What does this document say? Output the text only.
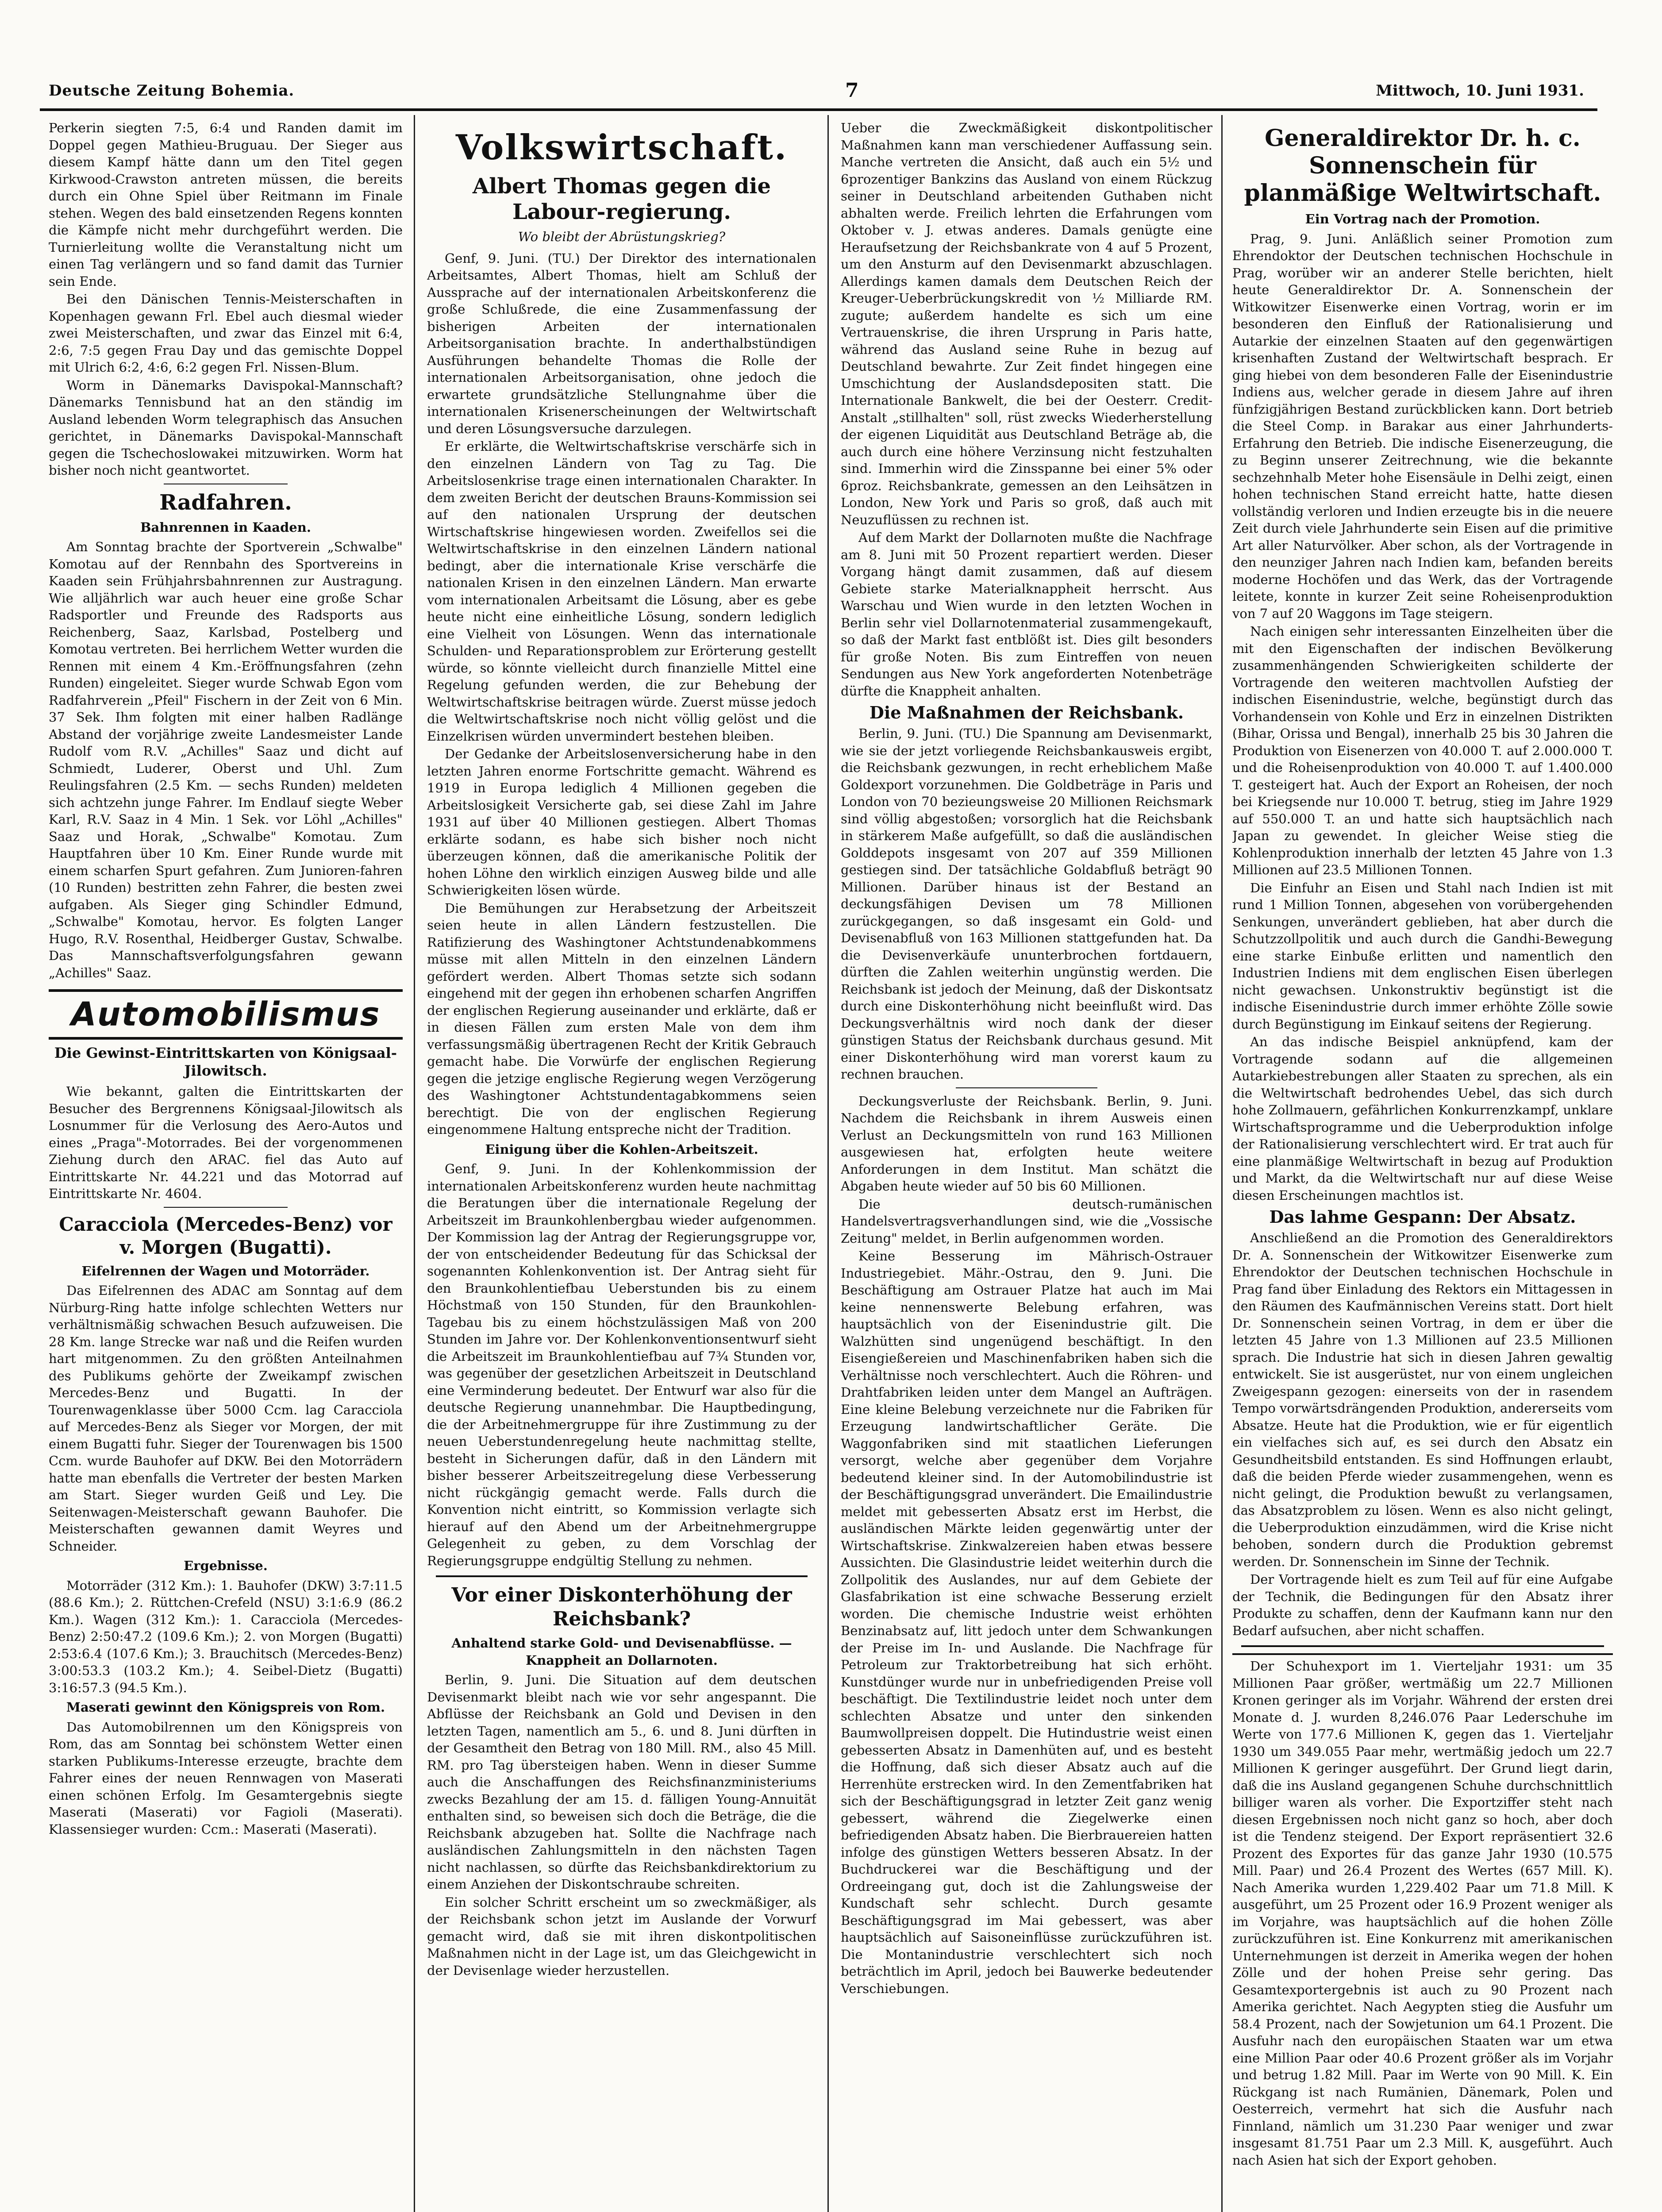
Deutsche Zeitung Bohemia.	7	Mittwoch, 10. Juni 1931.

Perkerin siegten 7:5, 6:4 und Randen damit im Doppel gegen Mathieu-Bruguau. Der Sieger aus diesem Kampf hätte dann um den Titel gegen Kirkwood-Crawston antreten müssen, die bereits durch ein Ohne Spiel über Reitmann im Finale stehen. Wegen des bald einsetzenden Regens konnten die Kämpfe nicht mehr durchgeführt werden. Die Turnierleitung wollte die Veranstaltung nicht um einen Tag verlängern und so fand damit das Turnier sein Ende.

Bei den Dänischen Tennis-Meisterschaften in Kopenhagen gewann Frl. Ebel auch diesmal wieder zwei Meisterschaften, und zwar das Einzel mit 6:4, 2:6, 7:5 gegen Frau Day und das gemischte Doppel mit Ulrich 6:2, 4:6, 6:2 gegen Frl. Nissen-Blum.

Worm in Dänemarks Davispokal-Mannschaft? Dänemarks Tennisbund hat an den ständig im Ausland lebenden Worm telegraphisch das Ansuchen gerichtet, in Dänemarks Davispokal-Mannschaft gegen die Tschechoslowakei mitzuwirken. Worm hat bisher noch nicht geantwortet.

Radfahren.
Bahnrennen in Kaaden.

Am Sonntag brachte der Sportverein „Schwalbe" Komotau auf der Rennbahn des Sportvereins in Kaaden sein Frühjahrsbahnrennen zur Austragung. Wie alljährlich war auch heuer eine große Schar Radsportler und Freunde des Radsports aus Reichenberg, Saaz, Karlsbad, Postelberg und Komotau vertreten. Bei herrlichem Wetter wurden die Rennen mit einem 4 Km.-Eröffnungsfahren (zehn Runden) eingeleitet. Sieger wurde Schwab Egon vom Radfahrverein „Pfeil" Fischern in der Zeit von 6 Min. 37 Sek. Ihm folgten mit einer halben Radlänge Abstand der vorjährige zweite Landesmeister Lande Rudolf vom R.V. „Achilles" Saaz und dicht auf Schmiedt, Luderer, Oberst und Uhl. Zum Reulingsfahren (2.5 Km. — sechs Runden) meldeten sich achtzehn junge Fahrer. Im Endlauf siegte Weber Karl, R.V. Saaz in 4 Min. 1 Sek. vor Löhl „Achilles" Saaz und Horak, „Schwalbe" Komotau. Zum Hauptfahren über 10 Km. Einer Runde wurde mit einem scharfen Spurt gefahren. Zum Junioren-fahren (10 Runden) bestritten zehn Fahrer, die besten zwei aufgaben. Als Sieger ging Schindler Edmund, „Schwalbe" Komotau, hervor. Es folgten Langer Hugo, R.V. Rosenthal, Heidberger Gustav, Schwalbe. Das Mannschaftsverfolgungsfahren gewann „Achilles" Saaz.

Automobilismus
Die Gewinst-Eintrittskarten von Königsaal-Jilowitsch.

Wie bekannt, galten die Eintrittskarten der Besucher des Bergrennens Königsaal-Jilowitsch als Losnummer für die Verlosung des Aero-Autos und eines „Praga"-Motorrades. Bei der vorgenommenen Ziehung durch den ARAC. fiel das Auto auf Eintrittskarte Nr. 44.221 und das Motorrad auf Eintrittskarte Nr. 4604.

Caracciola (Mercedes-Benz) vor v. Morgen (Bugatti).
Eifelrennen der Wagen und Motorräder.

Das Eifelrennen des ADAC am Sonntag auf dem Nürburg-Ring hatte infolge schlechten Wetters nur verhältnismäßig schwachen Besuch aufzuweisen. Die 28 Km. lange Strecke war naß und die Reifen wurden hart mitgenommen. Zu den größten Anteilnahmen des Publikums gehörte der Zweikampf zwischen Mercedes-Benz und Bugatti. In der Tourenwagenklasse über 5000 Ccm. lag Caracciola auf Mercedes-Benz als Sieger vor Morgen, der mit einem Bugatti fuhr. Sieger der Tourenwagen bis 1500 Ccm. wurde Bauhofer auf DKW. Bei den Motorrädern hatte man ebenfalls die Vertreter der besten Marken am Start. Sieger wurden Geiß und Ley. Die Seitenwagen-Meisterschaft gewann Bauhofer. Die Meisterschaften gewannen damit Weyres und Schneider.

Ergebnisse.

Motorräder (312 Km.): 1. Bauhofer (DKW) 3:7:11.5 (88.6 Km.); 2. Rüttchen-Crefeld (NSU) 3:1:6.9 (86.2 Km.). Wagen (312 Km.): 1. Caracciola (Mercedes-Benz) 2:50:47.2 (109.6 Km.); 2. von Morgen (Bugatti) 2:53:6.4 (107.6 Km.); 3. Brauchitsch (Mercedes-Benz) 3:00:53.3 (103.2 Km.); 4. Seibel-Dietz (Bugatti) 3:16:57.3 (94.5 Km.).

Maserati gewinnt den Königspreis von Rom.

Das Automobilrennen um den Königspreis von Rom, das am Sonntag bei schönstem Wetter einen starken Publikums-Interesse erzeugte, brachte dem Fahrer eines der neuen Rennwagen von Maserati einen schönen Erfolg. Im Gesamtergebnis siegte Maserati (Maserati) vor Fagioli (Maserati). Klassensieger wurden: Ccm.: Maserati (Maserati).

Volkswirtschaft.
Albert Thomas gegen die Labour-regierung.
Wo bleibt der Abrüstungskrieg?

Genf, 9. Juni. (TU.) Der Direktor des internationalen Arbeitsamtes, Albert Thomas, hielt am Schluß der Aussprache auf der internationalen Arbeitskonferenz die große Schlußrede, die eine Zusammenfassung der bisherigen Arbeiten der internationalen Arbeitsorganisation brachte. In anderthalbstündigen Ausführungen behandelte Thomas die Rolle der internationalen Arbeitsorganisation, ohne jedoch die erwartete grundsätzliche Stellungnahme über die internationalen Krisenerscheinungen der Weltwirtschaft und deren Lösungsversuche darzulegen.

Er erklärte, die Weltwirtschaftskrise verschärfe sich in den einzelnen Ländern von Tag zu Tag. Die Arbeitslosenkrise trage einen internationalen Charakter. In dem zweiten Bericht der deutschen Brauns-Kommission sei auf den nationalen Ursprung der deutschen Wirtschaftskrise hingewiesen worden. Zweifellos sei die Weltwirtschaftskrise in den einzelnen Ländern national bedingt, aber die internationale Krise verschärfe die nationalen Krisen in den einzelnen Ländern. Man erwarte vom internationalen Arbeitsamt die Lösung, aber es gebe heute nicht eine einheitliche Lösung, sondern lediglich eine Vielheit von Lösungen. Wenn das internationale Schulden- und Reparationsproblem zur Erörterung gestellt würde, so könnte vielleicht durch finanzielle Mittel eine Regelung gefunden werden, die zur Behebung der Weltwirtschaftskrise beitragen würde. Zuerst müsse jedoch die Weltwirtschaftskrise noch nicht völlig gelöst und die Einzelkrisen würden unvermindert bestehen bleiben.

Der Gedanke der Arbeitslosenversicherung habe in den letzten Jahren enorme Fortschritte gemacht. Während es 1919 in Europa lediglich 4 Millionen gegeben die Arbeitslosigkeit Versicherte gab, sei diese Zahl im Jahre 1931 auf über 40 Millionen gestiegen. Albert Thomas erklärte sodann, es habe sich bisher noch nicht überzeugen können, daß die amerikanische Politik der hohen Löhne den wirklich einzigen Ausweg bilde und alle Schwierigkeiten lösen würde.

Die Bemühungen zur Herabsetzung der Arbeitszeit seien heute in allen Ländern festzustellen. Die Ratifizierung des Washingtoner Achtstundenabkommens müsse mit allen Mitteln in den einzelnen Ländern gefördert werden. Albert Thomas setzte sich sodann eingehend mit der gegen ihn erhobenen scharfen Angriffen der englischen Regierung auseinander und erklärte, daß er in diesen Fällen zum ersten Male von dem ihm verfassungsmäßig übertragenen Recht der Kritik Gebrauch gemacht habe. Die Vorwürfe der englischen Regierung gegen die jetzige englische Regierung wegen Verzögerung des Washingtoner Achtstundentagabkommens seien berechtigt. Die von der englischen Regierung eingenommene Haltung entspreche nicht der Tradition.

Einigung über die Kohlen-Arbeitszeit.

Genf, 9. Juni. In der Kohlenkommission der internationalen Arbeitskonferenz wurden heute nachmittag die Beratungen über die internationale Regelung der Arbeitszeit im Braunkohlenbergbau wieder aufgenommen. Der Kommission lag der Antrag der Regierungsgruppe vor, der von entscheidender Bedeutung für das Schicksal der sogenannten Kohlenkonvention ist. Der Antrag sieht für den Braunkohlentiefbau Ueberstunden bis zu einem Höchstmaß von 150 Stunden, für den Braunkohlen-Tagebau bis zu einem höchstzulässigen Maß von 200 Stunden im Jahre vor. Der Kohlenkonventionsentwurf sieht die Arbeitszeit im Braunkohlentiefbau auf 7¾ Stunden vor, was gegenüber der gesetzlichen Arbeitszeit in Deutschland eine Verminderung bedeutet. Der Entwurf war also für die deutsche Regierung unannehmbar. Die Hauptbedingung, die der Arbeitnehmergruppe für ihre Zustimmung zu der neuen Ueberstundenregelung heute nachmittag stellte, besteht in Sicherungen dafür, daß in den Ländern mit bisher besserer Arbeitszeitregelung diese Verbesserung nicht rückgängig gemacht werde. Falls durch die Konvention nicht eintritt, so Kommission verlagte sich hierauf auf den Abend um der Arbeitnehmergruppe Gelegenheit zu geben, zu dem Vorschlag der Regierungsgruppe endgültig Stellung zu nehmen.

Vor einer Diskonterhöhung der Reichsbank?
Anhaltend starke Gold- und Devisenabflüsse. — Knappheit an Dollarnoten.

Berlin, 9. Juni. Die Situation auf dem deutschen Devisenmarkt bleibt nach wie vor sehr angespannt. Die Abflüsse der Reichsbank an Gold und Devisen in den letzten Tagen, namentlich am 5., 6. und 8. Juni dürften in der Gesamtheit den Betrag von 180 Mill. RM., also 45 Mill. RM. pro Tag übersteigen haben. Wenn in dieser Summe auch die Anschaffungen des Reichsfinanzministeriums zwecks Bezahlung der am 15. d. fälligen Young-Annuität enthalten sind, so beweisen sich doch die Beträge, die die Reichsbank abzugeben hat. Sollte die Nachfrage nach ausländischen Zahlungsmitteln in den nächsten Tagen nicht nachlassen, so dürfte das Reichsbankdirektorium zu einem Anziehen der Diskontschraube schreiten.

Ein solcher Schritt erscheint um so zweckmäßiger, als der Reichsbank schon jetzt im Auslande der Vorwurf gemacht wird, daß sie mit ihren diskontpolitischen Maßnahmen nicht in der Lage ist, um das Gleichgewicht in der Devisenlage wieder herzustellen.

Ueber die Zweckmäßigkeit diskontpolitischer Maßnahmen kann man verschiedener Auffassung sein. Manche vertreten die Ansicht, daß auch ein 5½ und 6prozentiger Bankzins das Ausland von einem Rückzug seiner in Deutschland arbeitenden Guthaben nicht abhalten werde. Freilich lehrten die Erfahrungen vom Oktober v. J. etwas anderes. Damals genügte eine Heraufsetzung der Reichsbankrate von 4 auf 5 Prozent, um den Ansturm auf den Devisenmarkt abzuschlagen. Allerdings kamen damals dem Deutschen Reich der Kreuger-Ueberbrückungskredit von ½ Milliarde RM. zugute; außerdem handelte es sich um eine Vertrauenskrise, die ihren Ursprung in Paris hatte, während das Ausland seine Ruhe in bezug auf Deutschland bewahrte. Zur Zeit findet hingegen eine Umschichtung der Auslandsdepositen statt. Die Internationale Bankwelt, die bei der Oesterr. Credit-Anstalt „stillhalten" soll, rüst zwecks Wiederherstellung der eigenen Liquidität aus Deutschland Beträge ab, die auch durch eine höhere Verzinsung nicht festzuhalten sind. Immerhin wird die Zinsspanne bei einer 5% oder 6proz. Reichsbankrate, gemessen an den Leihsätzen in London, New York und Paris so groß, daß auch mit Neuzuflüssen zu rechnen ist.

Auf dem Markt der Dollarnoten mußte die Nachfrage am 8. Juni mit 50 Prozent repartiert werden. Dieser Vorgang hängt damit zusammen, daß auf diesem Gebiete starke Materialknappheit herrscht. Aus Warschau und Wien wurde in den letzten Wochen in Berlin sehr viel Dollarnotenmaterial zusammengekauft, so daß der Markt fast entblößt ist. Dies gilt besonders für große Noten. Bis zum Eintreffen von neuen Sendungen aus New York angeforderten Notenbeträge dürfte die Knappheit anhalten.

Die Maßnahmen der Reichsbank.

Berlin, 9. Juni. (TU.) Die Spannung am Devisenmarkt, wie sie der jetzt vorliegende Reichsbankausweis ergibt, die Reichsbank gezwungen, in recht erheblichem Maße Goldexport vorzunehmen. Die Goldbeträge in Paris und London von 70 bezieungsweise 20 Millionen Reichsmark sind völlig abgestoßen; vorsorglich hat die Reichsbank in stärkerem Maße aufgefüllt, so daß die ausländischen Golddepots insgesamt von 207 auf 359 Millionen gestiegen sind. Der tatsächliche Goldabfluß beträgt 90 Millionen. Darüber hinaus ist der Bestand an deckungsfähigen Devisen um 78 Millionen zurückgegangen, so daß insgesamt ein Gold- und Devisenabfluß von 163 Millionen stattgefunden hat. Da die Devisenverkäufe ununterbrochen fortdauern, dürften die Zahlen weiterhin ungünstig werden. Die Reichsbank ist jedoch der Meinung, daß der Diskontsatz durch eine Diskonterhöhung nicht beeinflußt wird. Das Deckungsverhältnis wird noch dank der dieser günstigen Status der Reichsbank durchaus gesund. Mit einer Diskonterhöhung wird man vorerst kaum zu rechnen brauchen.

Deckungsverluste der Reichsbank. Berlin, 9. Juni. Nachdem die Reichsbank in ihrem Ausweis einen Verlust an Deckungsmitteln von rund 163 Millionen ausgewiesen hat, erfolgten heute weitere Anforderungen in dem Institut. Man schätzt die Abgaben heute wieder auf 50 bis 60 Millionen.

Die deutsch-rumänischen Handelsvertragsverhandlungen sind, wie die „Vossische Zeitung" meldet, in Berlin aufgenommen worden.

Keine Besserung im Mährisch-Ostrauer Industriegebiet. Mähr.-Ostrau, den 9. Juni. Die Beschäftigung am Ostrauer Platze hat auch im Mai keine nennenswerte Belebung erfahren, was hauptsächlich von der Eisenindustrie gilt. Die Walzhütten sind ungenügend beschäftigt. In den Eisengießereien und Maschinenfabriken haben sich die Verhältnisse noch verschlechtert. Auch die Röhren- und Drahtfabriken leiden unter dem Mangel an Aufträgen. Eine kleine Belebung verzeichnete nur die Fabriken für Erzeugung landwirtschaftlicher Geräte. Die Waggonfabriken sind mit staatlichen Lieferungen versorgt, welche aber gegenüber dem Vorjahre bedeutend kleiner sind. In der Automobilindustrie ist der Beschäftigungsgrad unverändert. Die Emailindustrie meldet mit gebesserten Absatz erst im Herbst, die ausländischen Märkte leiden gegenwärtig unter der Wirtschaftskrise. Zinkwalzereien haben etwas bessere Aussichten. Die Glasindustrie leidet weiterhin durch die Zollpolitik des Auslandes, nur auf dem Gebiete der Glasfabrikation ist eine schwache Besserung erzielt worden. Die chemische Industrie weist erhöhten Benzinabsatz auf, litt jedoch unter dem Schwankungen der Preise im In- und Auslande. Die Nachfrage für Petroleum zur Traktorbetreibung hat sich erhöht. Kunstdünger wurde nur in unbefriedigenden Preise voll beschäftigt. Die Textilindustrie leidet noch unter dem schlechten Absatze und unter den sinkenden Baumwollpreisen doppelt. Die Hutindustrie weist einen gebesserten Absatz in Damenhüten auf, und es besteht die Hoffnung, daß sich dieser Absatz auch auf die Herrenhüte erstrecken wird. In den Zementfabriken hat sich der Beschäftigungsgrad in letzter Zeit ganz wenig gebessert, während die Ziegelwerke einen befriedigenden Absatz haben. Die Bierbrauereien hatten infolge des günstigen Wetters besseren Absatz. In der Buchdruckerei war die Beschäftigung und der Ordreeingang gut, doch ist die Zahlungsweise der Kundschaft sehr schlecht. Durch gesamte Beschäftigungsgrad im Mai gebessert, was aber hauptsächlich auf Saisoneinflüsse zurückzuführen ist. Die Montanindustrie verschlechtert sich noch beträchtlich im April, jedoch bei Bauwerke bedeutender Verschiebungen.

Generaldirektor Dr. h. c. Sonnenschein für planmäßige Weltwirtschaft.
Ein Vortrag nach der Promotion.

Prag, 9. Juni. Anläßlich seiner Promotion zum Ehrendoktor der Deutschen technischen Hochschule in Prag, worüber wir an anderer Stelle berichten, hielt heute Generaldirektor Dr. A. Sonnenschein der Witkowitzer Eisenwerke einen Vortrag, worin er im besonderen den Einfluß der Rationalisierung und Autarkie der einzelnen Staaten auf den gegenwärtigen krisenhaften Zustand der Weltwirtschaft besprach. Er ging hiebei von dem besonderen Falle der Eisenindustrie Indiens aus, welcher gerade in diesem Jahre auf ihren fünfzigjährigen Bestand zurückblicken kann. Dort betrieb die Steel Comp. in Barakar aus einer Jahrhunderts-Erfahrung den Betrieb. Die indische Eisenerzeugung, die zu Beginn unserer Zeitrechnung, wie die bekannte sechzehnhalb Meter hohe Eisensäule in Delhi zeigt, einen hohen technischen Stand erreicht hatte, hatte diesen vollständig verloren und Indien erzeugte bis in die neuere Zeit durch viele Jahrhunderte sein Eisen auf die primitive Art aller Naturvölker. Aber schon, als der Vortragende in den neunziger Jahren nach Indien kam, befanden bereits moderne Hochöfen und das Werk, das der Vortragende leitete, konnte in kurzer Zeit seine Roheisenproduktion von 7 auf 20 Waggons im Tage steigern.

Nach einigen sehr interessanten Einzelheiten über die mit den Eigenschaften der indischen Bevölkerung zusammenhängenden Schwierigkeiten schilderte der Vortragende den weiteren machtvollen Aufstieg der indischen Eisenindustrie, welche, begünstigt durch das Vorhandensein von Kohle und Erz in einzelnen Distrikten (Bihar, Orissa und Bengal), innerhalb 25 bis 30 Jahren die Produktion von Eisenerzen von 40.000 T. auf 2.000.000 T. und die Roheisenproduktion von 40.000 T. auf 1.400.000 T. gesteigert hat. Auch der Export an Roheisen, der noch bei Kriegsende nur 10.000 T. betrug, stieg im Jahre 1929 auf 550.000 T. an und hatte sich hauptsächlich nach Japan zu gewendet. In gleicher Weise stieg die Kohlenproduktion innerhalb der letzten 45 Jahre von 1.3 Millionen auf 23.5 Millionen Tonnen.

Die Einfuhr an Eisen und Stahl nach Indien ist mit rund 1 Million Tonnen, abgesehen von vorübergehenden Senkungen, unverändert geblieben, hat aber durch die Schutzzollpolitik und auch durch die Gandhi-Bewegung eine starke Einbuße erlitten und namentlich den Industrien Indiens mit dem englischen Eisen überlegen nicht gewachsen. Unkonstruktiv begünstigt ist die indische Eisenindustrie durch immer erhöhte Zölle sowie durch Begünstigung im Einkauf seitens der Regierung.

An das indische Beispiel anknüpfend, kam der Vortragende sodann auf die allgemeinen Autarkiebestrebungen aller Staaten zu sprechen, als ein die Weltwirtschaft bedrohendes Uebel, das sich durch hohe Zollmauern, gefährlichen Konkurrenzkampf, unklare Wirtschaftsprogramme und die Ueberproduktion infolge der Rationalisierung verschlechtert wird. Er trat auch für eine planmäßige Weltwirtschaft in bezug auf Produktion und Markt, da die Weltwirtschaft nur auf diese Weise diesen Erscheinungen machtlos ist.

Das lahme Gespann: Der Absatz.

Anschließend an die Promotion des Generaldirektors Dr. A. Sonnenschein der Witkowitzer Eisenwerke zum Ehrendoktor der Deutschen technischen Hochschule in Prag fand über Einladung des Rektors ein Mittagessen in den Räumen des Kaufmännischen Vereins statt. Dort hielt Dr. Sonnenschein seinen Vortrag, in dem er über die letzten 45 Jahre von 1.3 Millionen auf 23.5 Millionen sprach. Die Industrie hat sich in diesen Jahren gewaltig entwickelt. Sie ist ausgerüstet, nur von einem ungleichen Zweigespann gezogen: einerseits von der in rasendem Tempo vorwärtsdrängenden Produktion, andererseits vom Absatze. Heute hat die Produktion, wie er für eigentlich ein vielfaches sich auf, es sei durch den Absatz ein Gesundheitsbild entstanden. Es sind Hoffnungen erlaubt, daß die beiden Pferde wieder zusammengehen, wenn es nicht gelingt, die Produktion bewußt zu verlangsamen, das Absatzproblem zu lösen. Wenn es also nicht gelingt, die Ueberproduktion einzudämmen, wird die Krise nicht behoben, sondern durch die Produktion gebremst werden. Dr. Sonnenschein im Sinne der Technik.

Der Vortragende hielt es zum Teil auf für eine Aufgabe der Technik, die Bedingungen für den Absatz ihrer Produkte zu schaffen, denn der Kaufmann kann nur den Bedarf aufsuchen, aber nicht schaffen.

Der Schuhexport im 1. Vierteljahr 1931: um 35 Millionen Paar größer, wertmäßig um 22.7 Millionen Kronen geringer als im Vorjahr. Während der ersten drei Monate d. J. wurden 8,246.076 Paar Lederschuhe im Werte von 177.6 Millionen K, gegen das 1. Vierteljahr 1930 um 349.055 Paar mehr, wertmäßig jedoch um 22.7 Millionen K geringer ausgeführt. Der Grund liegt darin, daß die ins Ausland gegangenen Schuhe durchschnittlich billiger waren als vorher. Die Exportziffer steht nach diesen Ergebnissen noch nicht ganz so hoch, aber doch ist die Tendenz steigend. Der Export repräsentiert 32.6 Prozent des Exportes für das ganze Jahr 1930 (10.575 Mill. Paar) und 26.4 Prozent des Wertes (657 Mill. K). Nach Amerika wurden 1,229.402 Paar um 71.8 Mill. K ausgeführt, um 25 Prozent oder 16.9 Prozent weniger als im Vorjahre, was hauptsächlich auf die hohen Zölle zurückzuführen ist. Eine Konkurrenz mit amerikanischen Unternehmungen ist derzeit in Amerika wegen der hohen Zölle und der hohen Preise sehr gering. Das Gesamtexportergebnis ist auch zu 90 Prozent nach Amerika gerichtet. Nach Aegypten stieg die Ausfuhr um 58.4 Prozent, nach der Sowjetunion um 64.1 Prozent. Die Ausfuhr nach den europäischen Staaten war um etwa eine Million Paar oder 40.6 Prozent größer als im Vorjahr und betrug 1.82 Mill. Paar im Werte von 90 Mill. K. Ein Rückgang ist nach Rumänien, Dänemark, Polen und Oesterreich, vermehrt hat sich die Ausfuhr nach Finnland, nämlich um 31.230 Paar weniger und zwar insgesamt 81.751 Paar um 2.3 Mill. K, ausgeführt. Auch nach Asien hat sich der Export gehoben.
